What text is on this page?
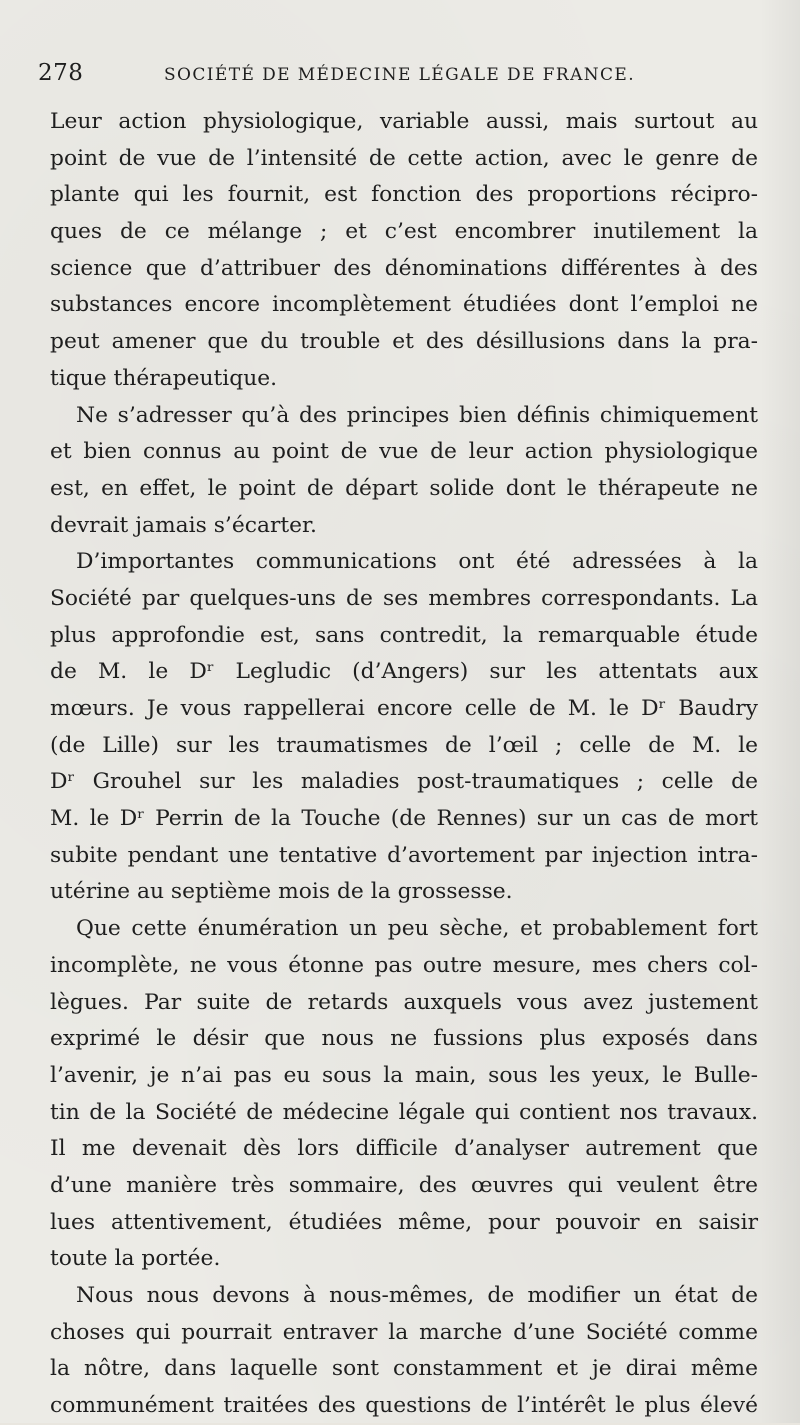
278	SOCIÉTÉ DE MÉDECINE LÉGALE DE FRANCE.
Leur action physiologique, variable aussi, mais surtout au
point de vue de l’intensité de cette action, avec le genre de
plante qui les fournit, est fonction des proportions récipro-
ques de ce mélange ; et c’est encombrer inutilement la
science que d’attribuer des dénominations différentes à des
substances encore incomplètement étudiées dont l’emploi ne
peut amener que du trouble et des désillusions dans la pra-
tique thérapeutique.
Ne s’adresser qu’à des principes bien définis chimiquement
et bien connus au point de vue de leur action physiologique
est, en effet, le point de départ solide dont le thérapeute ne
devrait jamais s’écarter.
D’importantes communications ont été adressées à la
Société par quelques-uns de ses membres correspondants. La
plus approfondie est, sans contredit, la remarquable étude
de M. le Dʳ Legludic (d’Angers) sur les attentats aux
mœurs. Je vous rappellerai encore celle de M. le Dʳ Baudry
(de Lille) sur les traumatismes de l’œil ; celle de M. le
Dʳ Grouhel sur les maladies post-traumatiques ; celle de
M. le Dʳ Perrin de la Touche (de Rennes) sur un cas de mort
subite pendant une tentative d’avortement par injection intra-
utérine au septième mois de la grossesse.
Que cette énumération un peu sèche, et probablement fort
incomplète, ne vous étonne pas outre mesure, mes chers col-
lègues. Par suite de retards auxquels vous avez justement
exprimé le désir que nous ne fussions plus exposés dans
l’avenir, je n’ai pas eu sous la main, sous les yeux, le Bulle-
tin de la Société de médecine légale qui contient nos travaux.
Il me devenait dès lors difficile d’analyser autrement que
d’une manière très sommaire, des œuvres qui veulent être
lues attentivement, étudiées même, pour pouvoir en saisir
toute la portée.
Nous nous devons à nous-mêmes, de modifier un état de
choses qui pourrait entraver la marche d’une Société comme
la nôtre, dans laquelle sont constamment et je dirai même
communément traitées des questions de l’intérêt le plus élevé
